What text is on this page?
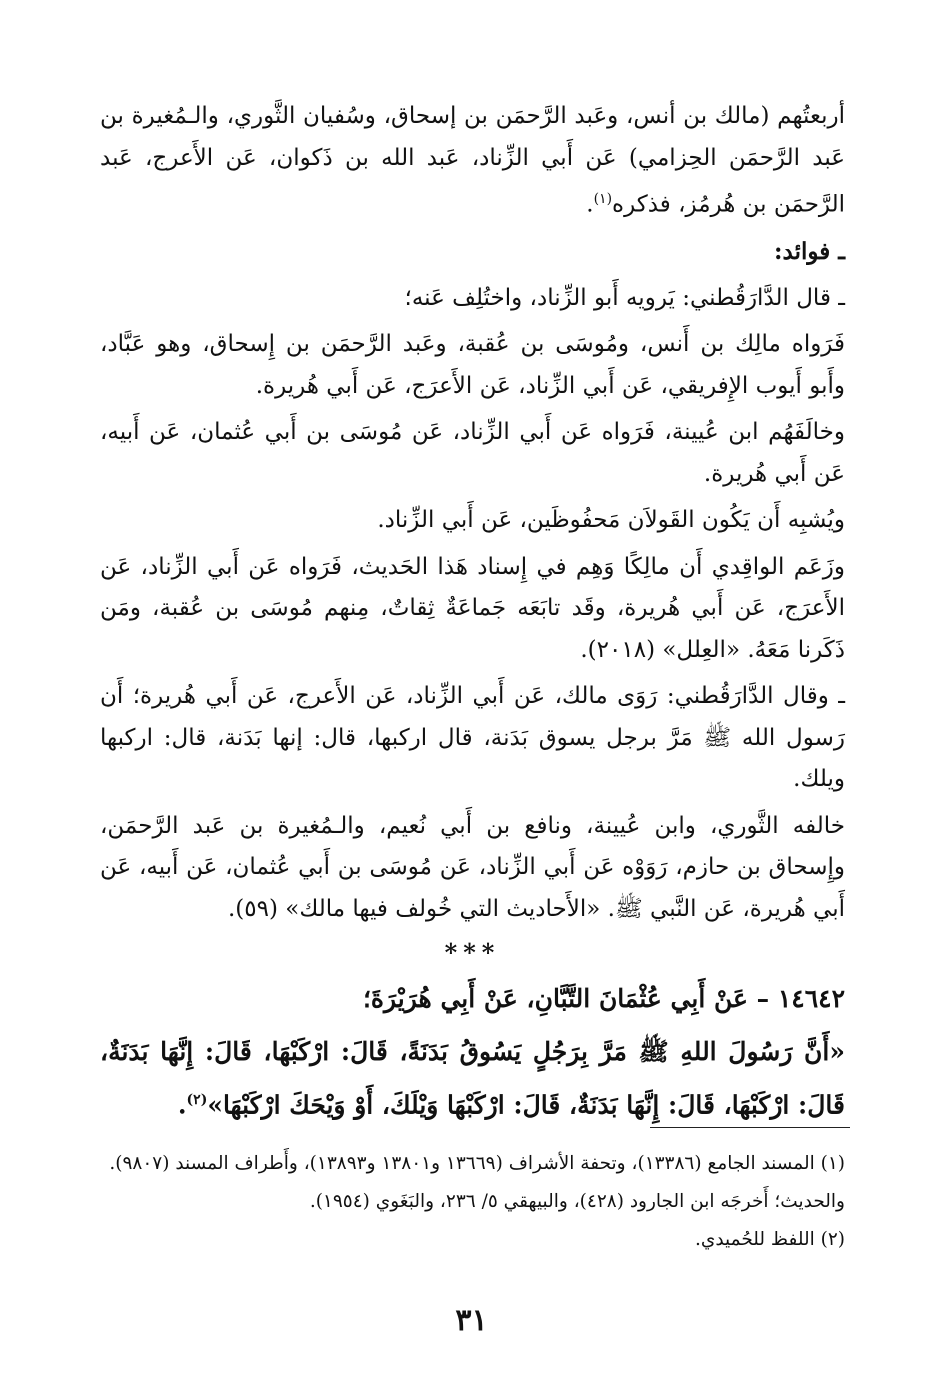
أربعتُهم (مالك بن أنس، وعَبد الرَّحمَن بن إسحاق، وسُفيان الثَّوري، والـمُغيرة بن عَبد الرَّحمَن الحِزامي) عَن أَبي الزِّناد، عَبد الله بن ذَكوان، عَن الأَعرج، عَبد الرَّحمَن بن هُرمُز، فذكره$^{(١)}$.

ـ فوائد:

ـ قال الدَّارَقُطني: يَرويه أَبو الزِّناد، واختُلِف عَنه؛

فَرَواه مالِك بن أَنس، ومُوسَى بن عُقبة، وعَبد الرَّحمَن بن إِسحاق، وهو عَبَّاد، وأَبو أَيوب الإِفريقي، عَن أَبي الزِّناد، عَن الأَعرَج، عَن أَبي هُريرة.

وخالَفَهُم ابن عُيينة، فَرَواه عَن أَبي الزِّناد، عَن مُوسَى بن أَبي عُثمان، عَن أَبيه، عَن أَبي هُريرة.

ويُشبِه أَن يَكُون القَولاَن مَحفُوظَين، عَن أَبي الزِّناد.

وزَعَم الواقِدي أَن مالِكًا وَهِم في إِسناد هَذا الحَديث، فَرَواه عَن أَبي الزِّناد، عَن الأَعرَج، عَن أَبي هُريرة، وقَد تابَعَه جَماعَةٌ ثِقاتٌ، مِنهم مُوسَى بن عُقبة، ومَن ذَكَرنا مَعَهُ. «العِلل» (٢٠١٨).

ـ وقال الدَّارَقُطني: رَوَى مالك، عَن أَبي الزِّناد، عَن الأَعرج، عَن أَبي هُريرة؛ أَن رَسول الله ﷺ مَرَّ برجل يسوق بَدَنة، قال اركبها، قال: إنها بَدَنة، قال: اركبها ويلك.

خالفه الثَّوري، وابن عُيينة، ونافع بن أَبي نُعيم، والـمُغيرة بن عَبد الرَّحمَن، وإِسحاق بن حازم، رَوَوْه عَن أَبي الزِّناد، عَن مُوسَى بن أَبي عُثمان، عَن أَبيه، عَن أَبي هُريرة، عَن النَّبي ﷺ. «الأَحاديث التي خُولف فيها مالك» (٥٩).

***

١٤٦٤٢ – عَنْ أَبِي عُثْمَانَ التَّبَّانِ، عَنْ أَبِي هُرَيْرَةَ؛

«أَنَّ رَسُولَ اللهِ ﷺ مَرَّ بِرَجُلٍ يَسُوقُ بَدَنَةً، قَالَ: ارْكَبْهَا، قَالَ: إِنَّهَا بَدَنَةٌ، قَالَ: ارْكَبْهَا، قَالَ: إِنَّهَا بَدَنَةٌ، قَالَ: ارْكَبْهَا وَيْلَكَ، أَوْ وَيْحَكَ ارْكَبْهَا»$^{(٢)}$.

(١) المسند الجامع (١٣٣٨٦)، وتحفة الأشراف (١٣٦٦٩ و١٣٨٠١ و١٣٨٩٣)، وأَطراف المسند (٩٨٠٧).

والحديث؛ أَخرجَه ابن الجارود (٤٢٨)، والبيهقي ٥/ ٢٣٦، والبَغَوي (١٩٥٤).

(٢) اللفظ للحُميدي.

٣١
